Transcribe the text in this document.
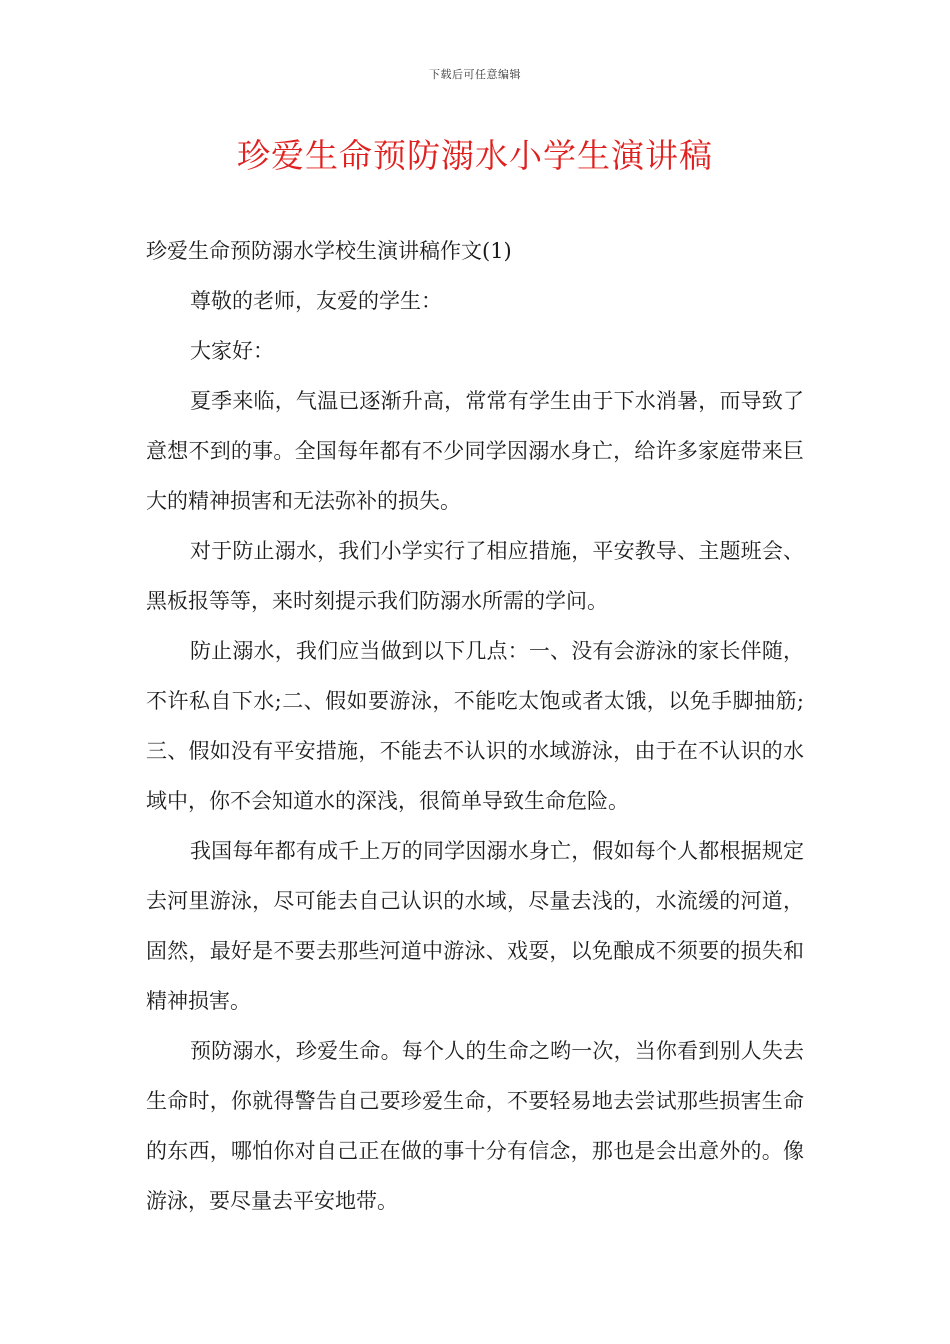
下载后可任意编辑
珍爱生命预防溺水小学生演讲稿

珍爱生命预防溺水学校生演讲稿作文(1)

尊敬的老师，友爱的学生：

大家好：

夏季来临，气温已逐渐升高，常常有学生由于下水消暑，而导致了意想不到的事。全国每年都有不少同学因溺水身亡，给许多家庭带来巨大的精神损害和无法弥补的损失。

对于防止溺水，我们小学实行了相应措施，平安教导、主题班会、黑板报等等，来时刻提示我们防溺水所需的学问。

防止溺水，我们应当做到以下几点：一、没有会游泳的家长伴随，不许私自下水;二、假如要游泳，不能吃太饱或者太饿，以免手脚抽筋;三、假如没有平安措施，不能去不认识的水域游泳，由于在不认识的水域中，你不会知道水的深浅，很简单导致生命危险。

我国每年都有成千上万的同学因溺水身亡，假如每个人都根据规定去河里游泳，尽可能去自己认识的水域，尽量去浅的，水流缓的河道，固然，最好是不要去那些河道中游泳、戏耍，以免酿成不须要的损失和精神损害。

预防溺水，珍爱生命。每个人的生命之哟一次，当你看到别人失去生命时，你就得警告自己要珍爱生命，不要轻易地去尝试那些损害生命的东西，哪怕你对自己正在做的事十分有信念，那也是会出意外的。像游泳，要尽量去平安地带。
